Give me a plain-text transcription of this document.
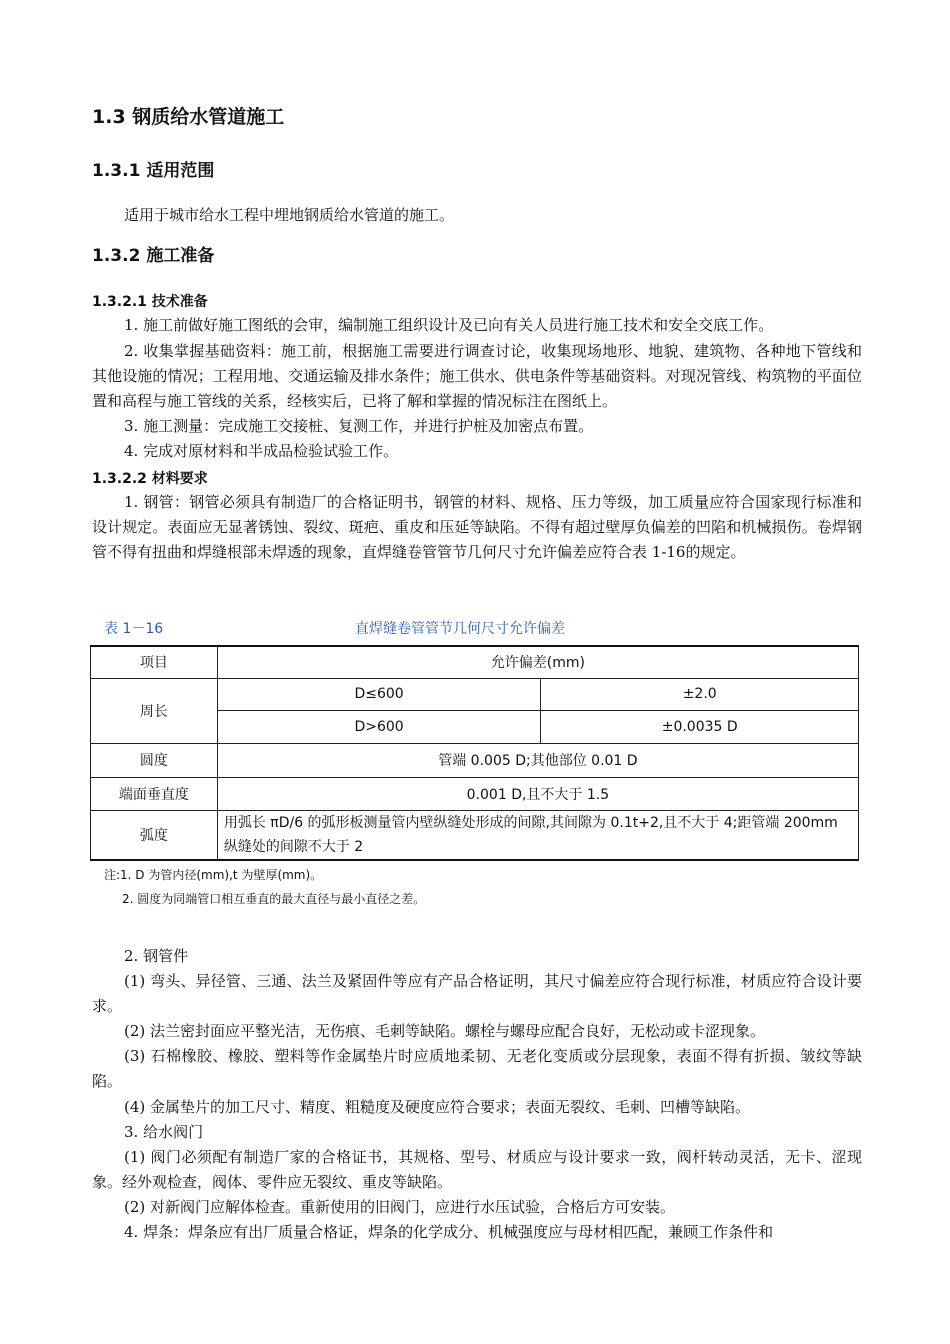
1.3 钢质给水管道施工
1.3.1 适用范围
适用于城市给水工程中埋地钢质给水管道的施工。
1.3.2 施工准备
1.3.2.1 技术准备
1. 施工前做好施工图纸的会审，编制施工组织设计及已向有关人员进行施工技术和安全交底工作。
2. 收集掌握基础资料：施工前，根据施工需要进行调查讨论，收集现场地形、地貌、建筑物、各种地下管线和其他设施的情况；工程用地、交通运输及排水条件；施工供水、供电条件等基础资料。对现况管线、构筑物的平面位置和高程与施工管线的关系，经核实后，已将了解和掌握的情况标注在图纸上。
3. 施工测量：完成施工交接桩、复测工作，并进行护桩及加密点布置。
4. 完成对原材料和半成品检验试验工作。
1.3.2.2 材料要求
1. 钢管：钢管必须具有制造厂的合格证明书，钢管的材料、规格、压力等级，加工质量应符合国家现行标准和设计规定。表面应无显著锈蚀、裂纹、斑疤、重皮和压延等缺陷。不得有超过壁厚负偏差的凹陷和机械损伤。卷焊钢管不得有扭曲和焊缝根部未焊透的现象，直焊缝卷管管节几何尺寸允许偏差应符合表 1-16的规定。
表 1－16	直焊缝卷管管节几何尺寸允许偏差
项目	允许偏差(mm)	
周长	D≤600	±2.0
	D>600	±0.0035 D
圆度	管端 0.005 D;其他部位 0.01 D	
端面垂直度	0.001 D,且不大于 1.5	
弧度	用弧长 πD/6 的弧形板测量管内壁纵缝处形成的间隙,其间隙为 0.1t+2,且不大于 4;距管端 200mm 纵缝处的间隙不大于 2	
注:1. D 为管内径(mm),t 为壁厚(mm)。
2. 圆度为同端管口相互垂直的最大直径与最小直径之差。
2. 钢管件
(1) 弯头、异径管、三通、法兰及紧固件等应有产品合格证明，其尺寸偏差应符合现行标准，材质应符合设计要求。
(2) 法兰密封面应平整光洁，无伤痕、毛刺等缺陷。螺栓与螺母应配合良好，无松动或卡涩现象。
(3) 石棉橡胶、橡胶、塑料等作金属垫片时应质地柔韧、无老化变质或分层现象，表面不得有折损、皱纹等缺陷。
(4) 金属垫片的加工尺寸、精度、粗糙度及硬度应符合要求；表面无裂纹、毛刺、凹槽等缺陷。
3. 给水阀门
(1) 阀门必须配有制造厂家的合格证书，其规格、型号、材质应与设计要求一致，阀杆转动灵活，无卡、涩现象。经外观检查，阀体、零件应无裂纹、重皮等缺陷。
(2) 对新阀门应解体检查。重新使用的旧阀门，应进行水压试验，合格后方可安装。
4. 焊条：焊条应有出厂质量合格证，焊条的化学成分、机械强度应与母材相匹配，兼顾工作条件和
